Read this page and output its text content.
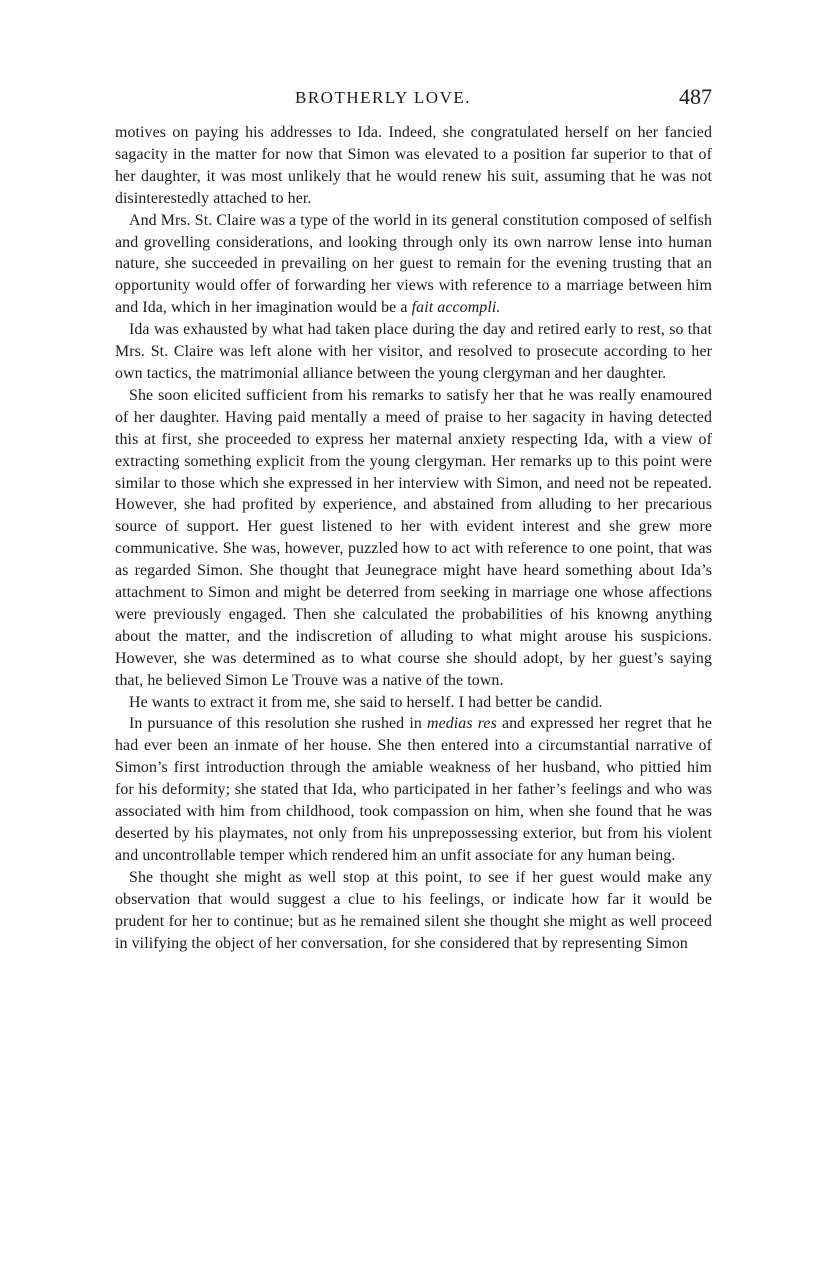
BROTHERLY LOVE.	487

motives on paying his addresses to Ida. Indeed, she congratulated herself on her fancied sagacity in the matter for now that Simon was elevated to a position far superior to that of her daughter, it was most unlikely that he would renew his suit, assuming that he was not disinterestedly attached to her.

And Mrs. St. Claire was a type of the world in its general constitution composed of selfish and grovelling considerations, and looking through only its own narrow lense into human nature, she succeeded in prevailing on her guest to remain for the evening trusting that an opportunity would offer of forwarding her views with reference to a marriage between him and Ida, which in her imagination would be a fait accompli.

Ida was exhausted by what had taken place during the day and retired early to rest, so that Mrs. St. Claire was left alone with her visitor, and resolved to prosecute according to her own tactics, the matrimonial alliance between the young clergyman and her daughter.

She soon elicited sufficient from his remarks to satisfy her that he was really enamoured of her daughter. Having paid mentally a meed of praise to her sagacity in having detected this at first, she proceeded to express her maternal anxiety respecting Ida, with a view of extracting something explicit from the young clergyman. Her remarks up to this point were similar to those which she expressed in her interview with Simon, and need not be repeated. However, she had profited by experience, and abstained from alluding to her precarious source of support. Her guest listened to her with evident interest and she grew more communicative. She was, however, puzzled how to act with reference to one point, that was as regarded Simon. She thought that Jeunegrace might have heard something about Ida’s attachment to Simon and might be deterred from seeking in marriage one whose affections were previously engaged. Then she calculated the probabilities of his knowng anything about the matter, and the indiscretion of alluding to what might arouse his suspicions. However, she was determined as to what course she should adopt, by her guest’s saying that, he believed Simon Le Trouve was a native of the town.

He wants to extract it from me, she said to herself. I had better be candid.

In pursuance of this resolution she rushed in medias res and expressed her regret that he had ever been an inmate of her house. She then entered into a circumstantial narrative of Simon’s first introduction through the amiable weakness of her husband, who pittied him for his deformity; she stated that Ida, who participated in her father’s feelings and who was associated with him from childhood, took compassion on him, when she found that he was deserted by his playmates, not only from his unprepossessing exterior, but from his violent and uncontrollable temper which rendered him an unfit associate for any human being.

She thought she might as well stop at this point, to see if her guest would make any observation that would suggest a clue to his feelings, or indicate how far it would be prudent for her to continue; but as he remained silent she thought she might as well proceed in vilifying the object of her conversation, for she considered that by representing Simon
